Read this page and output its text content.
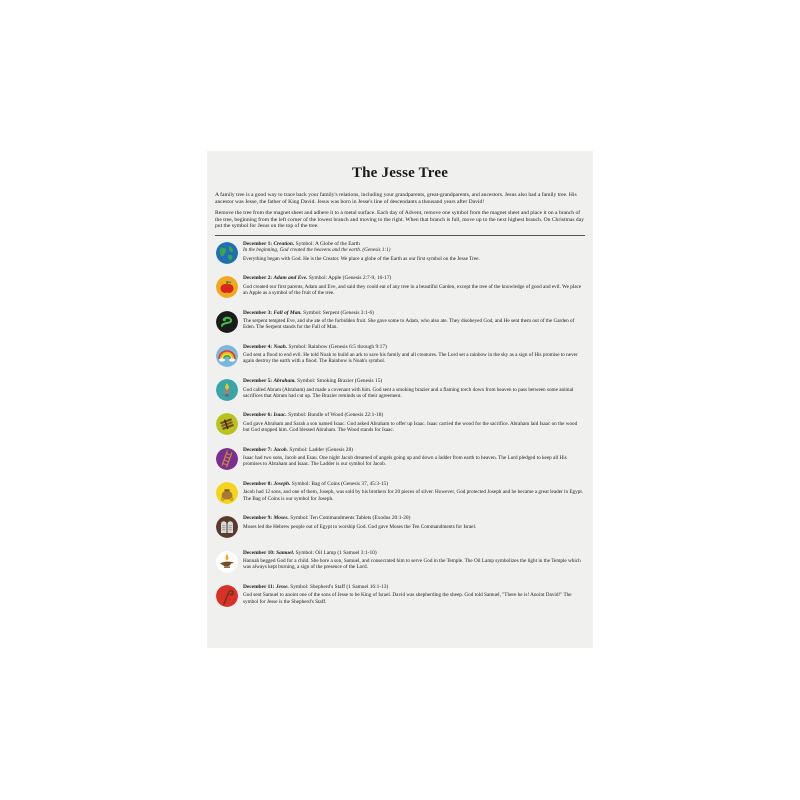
The Jesse Tree

A family tree is a good way to trace back your family's relations, including your grandparents, great-grandparents, and ancestors. Jesus also had a family tree. His ancestor was Jesse, the father of King David. Jesus was born in Jesse's line of descendants a thousand years after David!

Remove the tree from the magnet sheet and adhere it to a metal surface. Each day of Advent, remove one symbol from the magnet sheet and place it on a branch of the tree, beginning from the left corner of the lowest branch and moving to the right. When that branch is full, move up to the next highest branch. On Christmas day put the symbol for Jesus on the top of the tree.

December 1: Creation. Symbol: A Globe of the Earth
In the beginning, God created the heavens and the earth. (Genesis 1:1)
Everything began with God. He is the Creator. We place a globe of the Earth as our first symbol on the Jesse Tree.
December 2: Adam and Eve. Symbol: Apple (Genesis 2:7-9, 16-17)
God created our first parents, Adam and Eve, and said they could eat of any tree in a beautiful Garden, except the tree of the knowledge of good and evil. We place an Apple as a symbol of the fruit of the tree.
December 3: Fall of Man. Symbol: Serpent (Genesis 3:1-6)
The serpent tempted Eve, and she ate of the forbidden fruit. She gave some to Adam, who also ate. They disobeyed God, and He sent them out of the Garden of Eden. The Serpent stands for the Fall of Man.
December 4: Noah. Symbol: Rainbow (Genesis 6:5 through 9:17)
God sent a flood to end evil. He told Noah to build an ark to save his family and all creatures. The Lord set a rainbow in the sky as a sign of His promise to never again destroy the earth with a flood. The Rainbow is Noah's symbol.
December 5: Abraham. Symbol: Smoking Brazier (Genesis 15)
God called Abram (Abraham) and made a covenant with him. God sent a smoking brazier and a flaming torch down from heaven to pass between some animal sacrifices that Abram had cut up. The Brazier reminds us of their agreement.
December 6: Isaac. Symbol: Bundle of Wood (Genesis 22:1-18)
God gave Abraham and Sarah a son named Isaac. God asked Abraham to offer up Isaac. Isaac carried the wood for the sacrifice. Abraham laid Isaac on the wood but God stopped him. God blessed Abraham. The Wood stands for Isaac.
December 7: Jacob. Symbol: Ladder (Genesis 28)
Isaac had two sons, Jacob and Esau. One night Jacob dreamed of angels going up and down a ladder from earth to heaven. The Lord pledged to keep all His promises to Abraham and Isaac. The Ladder is our symbol for Jacob.
December 8: Joseph. Symbol: Bag of Coins (Genesis 37, 45:3-15)
Jacob had 12 sons, and one of them, Joseph, was sold by his brothers for 20 pieces of silver. However, God protected Joseph and he became a great leader in Egypt. The Bag of Coins is our symbol for Joseph.
December 9: Moses. Symbol: Ten Commandments Tablets (Exodus 20:1-20)
Moses led the Hebrew people out of Egypt to worship God. God gave Moses the Ten Commandments for Israel.
December 10: Samuel. Symbol: Oil Lamp (1 Samuel 3:1-10)
Hannah begged God for a child. She bore a son, Samuel, and consecrated him to serve God in the Temple. The Oil Lamp symbolizes the light in the Temple which was always kept burning, a sign of the presence of the Lord.
December 11: Jesse. Symbol: Shepherd's Staff (1 Samuel 16:1-13)
God sent Samuel to anoint one of the sons of Jesse to be King of Israel. David was shepherding the sheep. God told Samuel, "There he is! Anoint David!" The symbol for Jesse is the Shepherd's Staff.
